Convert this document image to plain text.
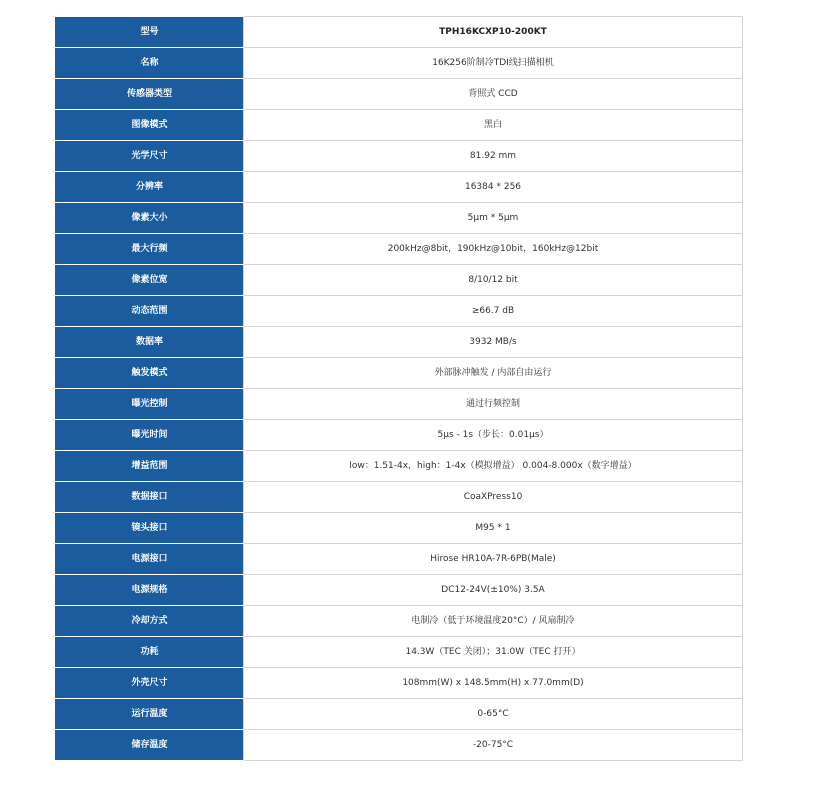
型号	TPH16KCXP10-200KT
名称	16K256阶制冷TDI线扫描相机
传感器类型	背照式 CCD
图像模式	黑白
光学尺寸	81.92 mm
分辨率	16384 * 256
像素大小	5μm * 5μm
最大行频	200kHz@8bit，190kHz@10bit，160kHz@12bit
像素位宽	8/10/12 bit
动态范围	≥66.7 dB
数据率	3932 MB/s
触发模式	外部脉冲触发 / 内部自由运行
曝光控制	通过行频控制
曝光时间	5μs - 1s（步长：0.01μs）
增益范围	low：1.51-4x，high：1-4x（模拟增益） 0.004-8.000x（数字增益）
数据接口	CoaXPress10
镜头接口	M95 * 1
电源接口	Hirose HR10A-7R-6PB(Male)
电源规格	DC12-24V(±10%) 3.5A
冷却方式	电制冷（低于环境温度20°C）/ 风扇制冷
功耗	14.3W（TEC 关闭）；31.0W（TEC 打开）
外壳尺寸	108mm(W) x 148.5mm(H) x 77.0mm(D)
运行温度	0-65°C
储存温度	-20-75°C
